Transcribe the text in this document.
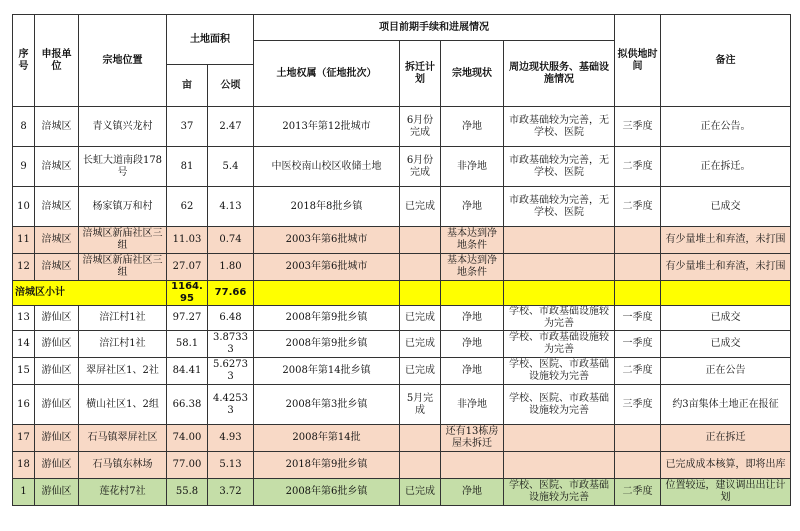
序号	申报单位	宗地位置	土地面积		项目前期手续和进展情况				拟供地时间	备注
					土地权属（征地批次）	拆迁计划	宗地现状	周边现状服务、基础设施情况		
			亩	公顷						
8	涪城区	青义镇兴龙村	37	2.47	2013年第12批城市	6月份完成	净地	市政基础较为完善，无学校、医院	三季度	正在公告。
9	涪城区	长虹大道南段178号	81	5.4	中医校南山校区收储土地	6月份完成	非净地	市政基础较为完善，无学校、医院	二季度	正在拆迁。
10	涪城区	杨家镇万和村	62	4.13	2018年8批乡镇	已完成	净地	市政基础较为完善，无学校、医院	二季度	已成交
11	涪城区	涪城区新庙社区三组	11.03	0.74	2003年第6批城市		基本达到净地条件			有少量堆土和弃渣，未打围
12	涪城区	涪城区新庙社区三组	27.07	1.80	2003年第6批城市		基本达到净地条件			有少量堆土和弃渣，未打围
涪城区小计			1164.95	77.66						
13	游仙区	涪江村1社	97.27	6.48	2008年第9批乡镇	已完成	净地	学校、市政基础设施较为完善	一季度	已成交
14	游仙区	涪江村1社	58.1	3.87333	2008年第9批乡镇	已完成	净地	学校、市政基础设施较为完善	一季度	已成交
15	游仙区	翠屏社区1、2社	84.41	5.62733	2008年第14批乡镇	已完成	净地	学校、医院、市政基础设施较为完善	二季度	正在公告
16	游仙区	横山社区1、2组	66.38	4.42533	2008年第3批乡镇	5月完成	非净地	学校、医院、市政基础设施较为完善	三季度	约3亩集体土地正在报征
17	游仙区	石马镇翠屏社区	74.00	4.93	2008年第14批		还有13栋房屋未拆迁			正在拆迁
18	游仙区	石马镇东林场	77.00	5.13	2018年第9批乡镇					已完成成本核算，即将出库
1	游仙区	莲花村7社	55.8	3.72	2008年第6批乡镇	已完成	净地	学校、医院、市政基础设施较为完善	二季度	位置较远，建议调出出让计划
